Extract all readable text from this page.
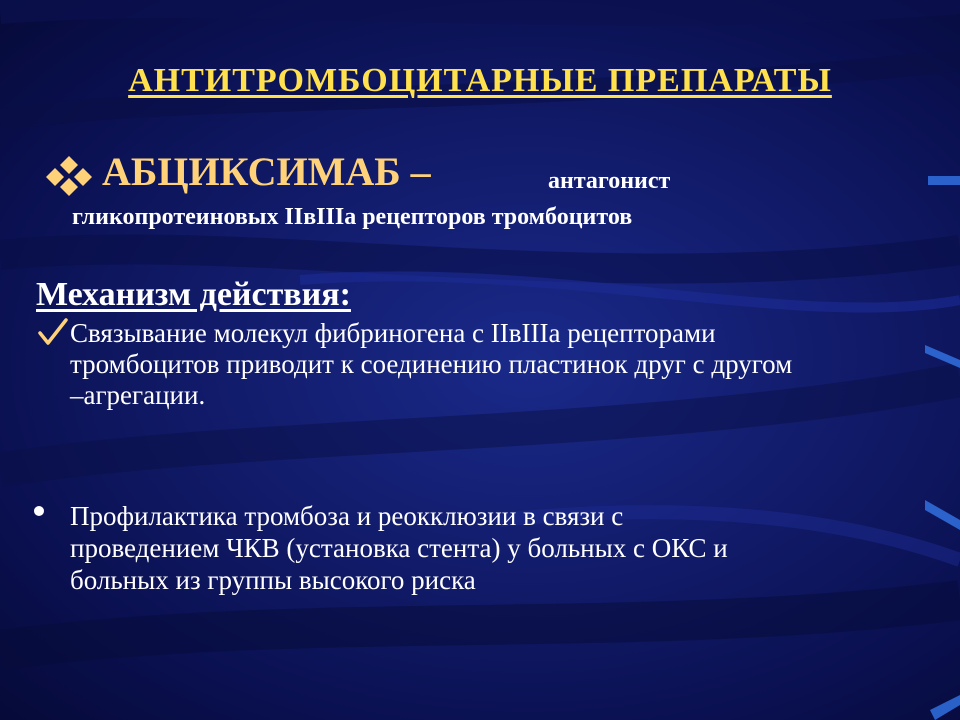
АНТИТРОМБОЦИТАРНЫЕ ПРЕПАРАТЫ
АБЦИКСИМАБ –	антагонист
гликопротеиновых IIвIIIа рецепторов тромбоцитов
Механизм действия:
Связывание молекул фибриногена с IIвIIIа рецепторами
тромбоцитов приводит к соединению пластинок друг с другом
–агрегации.
Профилактика тромбоза и реокклюзии в связи с
проведением ЧКВ (установка стента) у больных с ОКС и
больных из группы высокого риска
